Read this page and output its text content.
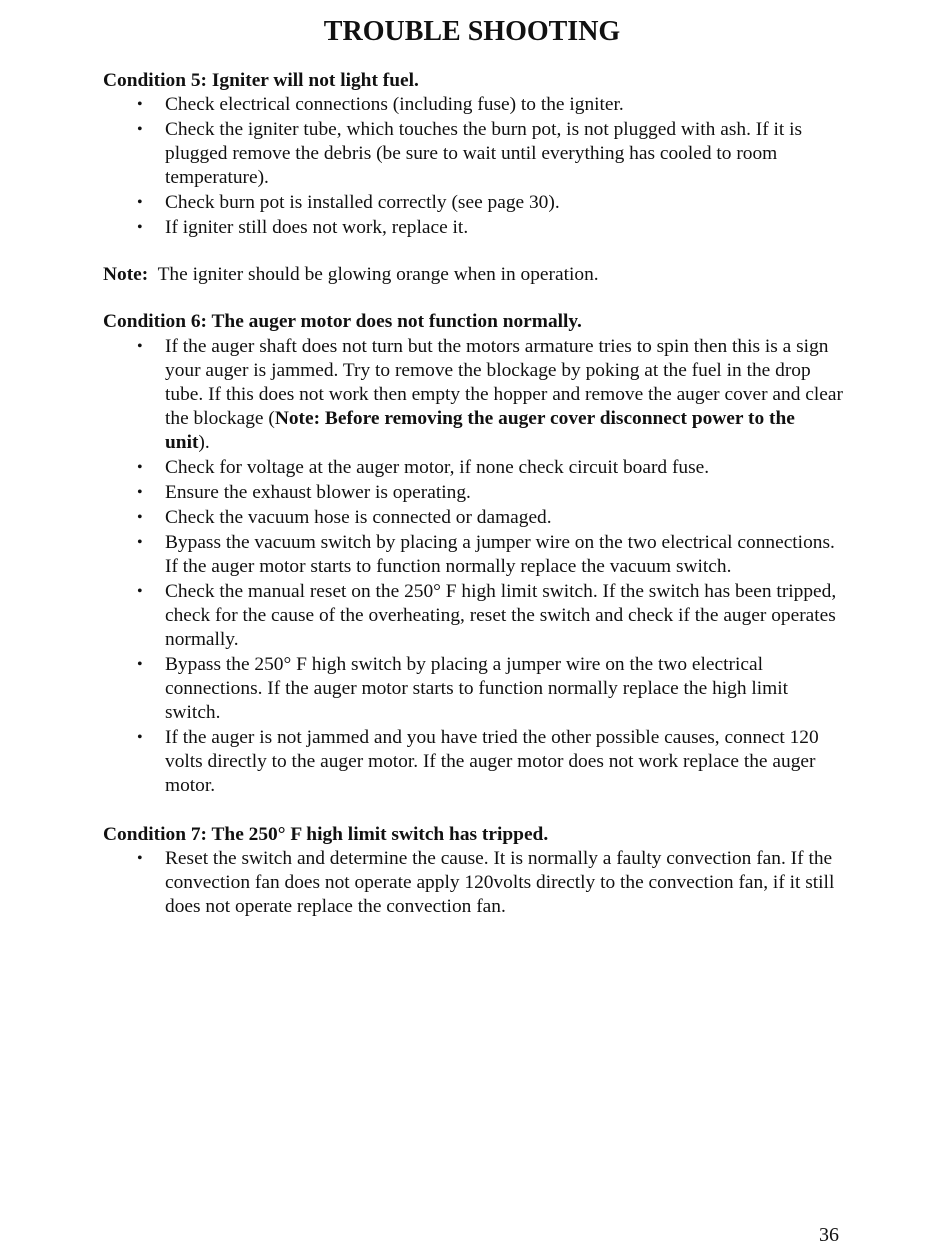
TROUBLE SHOOTING

Condition 5: Igniter will not light fuel.

• Check electrical connections (including fuse) to the igniter.
• Check the igniter tube, which touches the burn pot, is not plugged with ash. If it is plugged remove the debris (be sure to wait until everything has cooled to room temperature).
• Check burn pot is installed correctly (see page 30).
• If igniter still does not work, replace it.

Note:  The igniter should be glowing orange when in operation.

Condition 6: The auger motor does not function normally.

• If the auger shaft does not turn but the motors armature tries to spin then this is a sign your auger is jammed. Try to remove the blockage by poking at the fuel in the drop tube. If this does not work then empty the hopper and remove the auger cover and clear the blockage (Note: Before removing the auger cover disconnect power to the unit).
• Check for voltage at the auger motor, if none check circuit board fuse.
• Ensure the exhaust blower is operating.
• Check the vacuum hose is connected or damaged.
• Bypass the vacuum switch by placing a jumper wire on the two electrical connections. If the auger motor starts to function normally replace the vacuum switch.
• Check the manual reset on the 250° F high limit switch. If the switch has been tripped, check for the cause of the overheating, reset the switch and check if the auger operates normally.
• Bypass the 250° F high switch by placing a jumper wire on the two electrical connections. If the auger motor starts to function normally replace the high limit switch.
• If the auger is not jammed and you have tried the other possible causes, connect 120 volts directly to the auger motor. If the auger motor does not work replace the auger motor.

Condition 7: The 250° F high limit switch has tripped.

• Reset the switch and determine the cause. It is normally a faulty convection fan. If the convection fan does not operate apply 120volts directly to the convection fan, if it still does not operate replace the convection fan.
36
